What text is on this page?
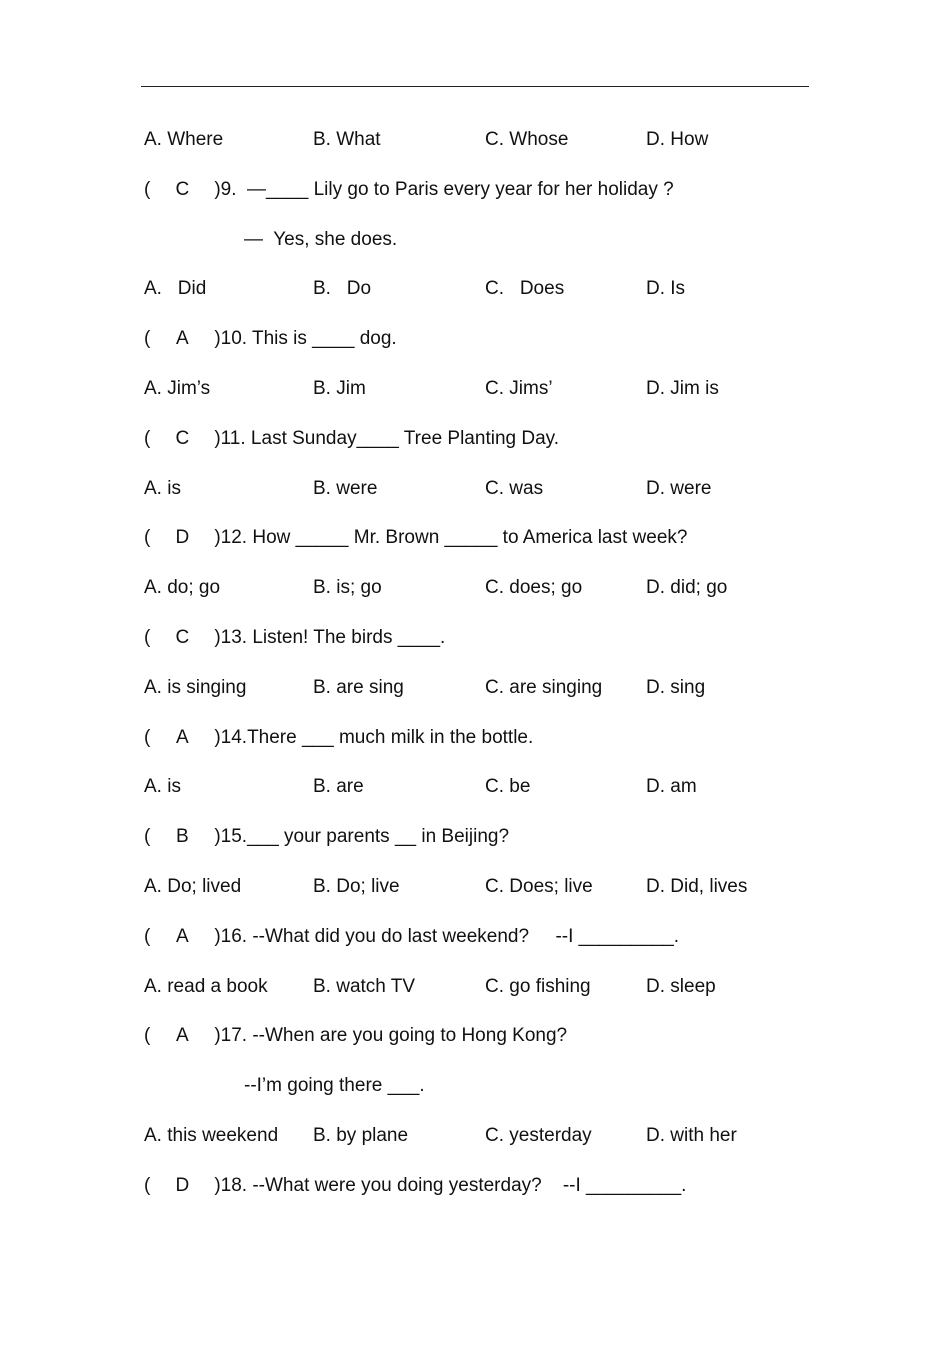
A. Where	B. What	C. Whose	D. How
( C )9.  —____ Lily go to Paris every year for her holiday ?
—  Yes, she does.
A.   Did	B.   Do	C.   Does	D. Is
( A )10. This is ____ dog.
A. Jim’s	B. Jim	C. Jims’	D. Jim is
( C )11. Last Sunday____ Tree Planting Day.
A. is	B. were	C. was	D. were
( D )12. How _____ Mr. Brown _____ to America last week?
A. do; go	B. is; go	C. does; go	D. did; go
( C )13. Listen! The birds ____.
A. is singing	B. are sing	C. are singing D. sing
( A )14.There ___ much milk in the bottle.
A. is	B. are	C. be	D. am
( B )15.___ your parents __ in Beijing?
A. Do; lived	B. Do; live	C. Does; live	D. Did, lives
( A )16. --What did you do last weekend?     --I _________.
A. read a book B. watch TV	C. go fishing	D. sleep
( A )17. --When are you going to Hong Kong?
--I’m going there ___.
A. this weekend B. by plane	C. yesterday	D. with her
( D )18. --What were you doing yesterday?    --I _________.
